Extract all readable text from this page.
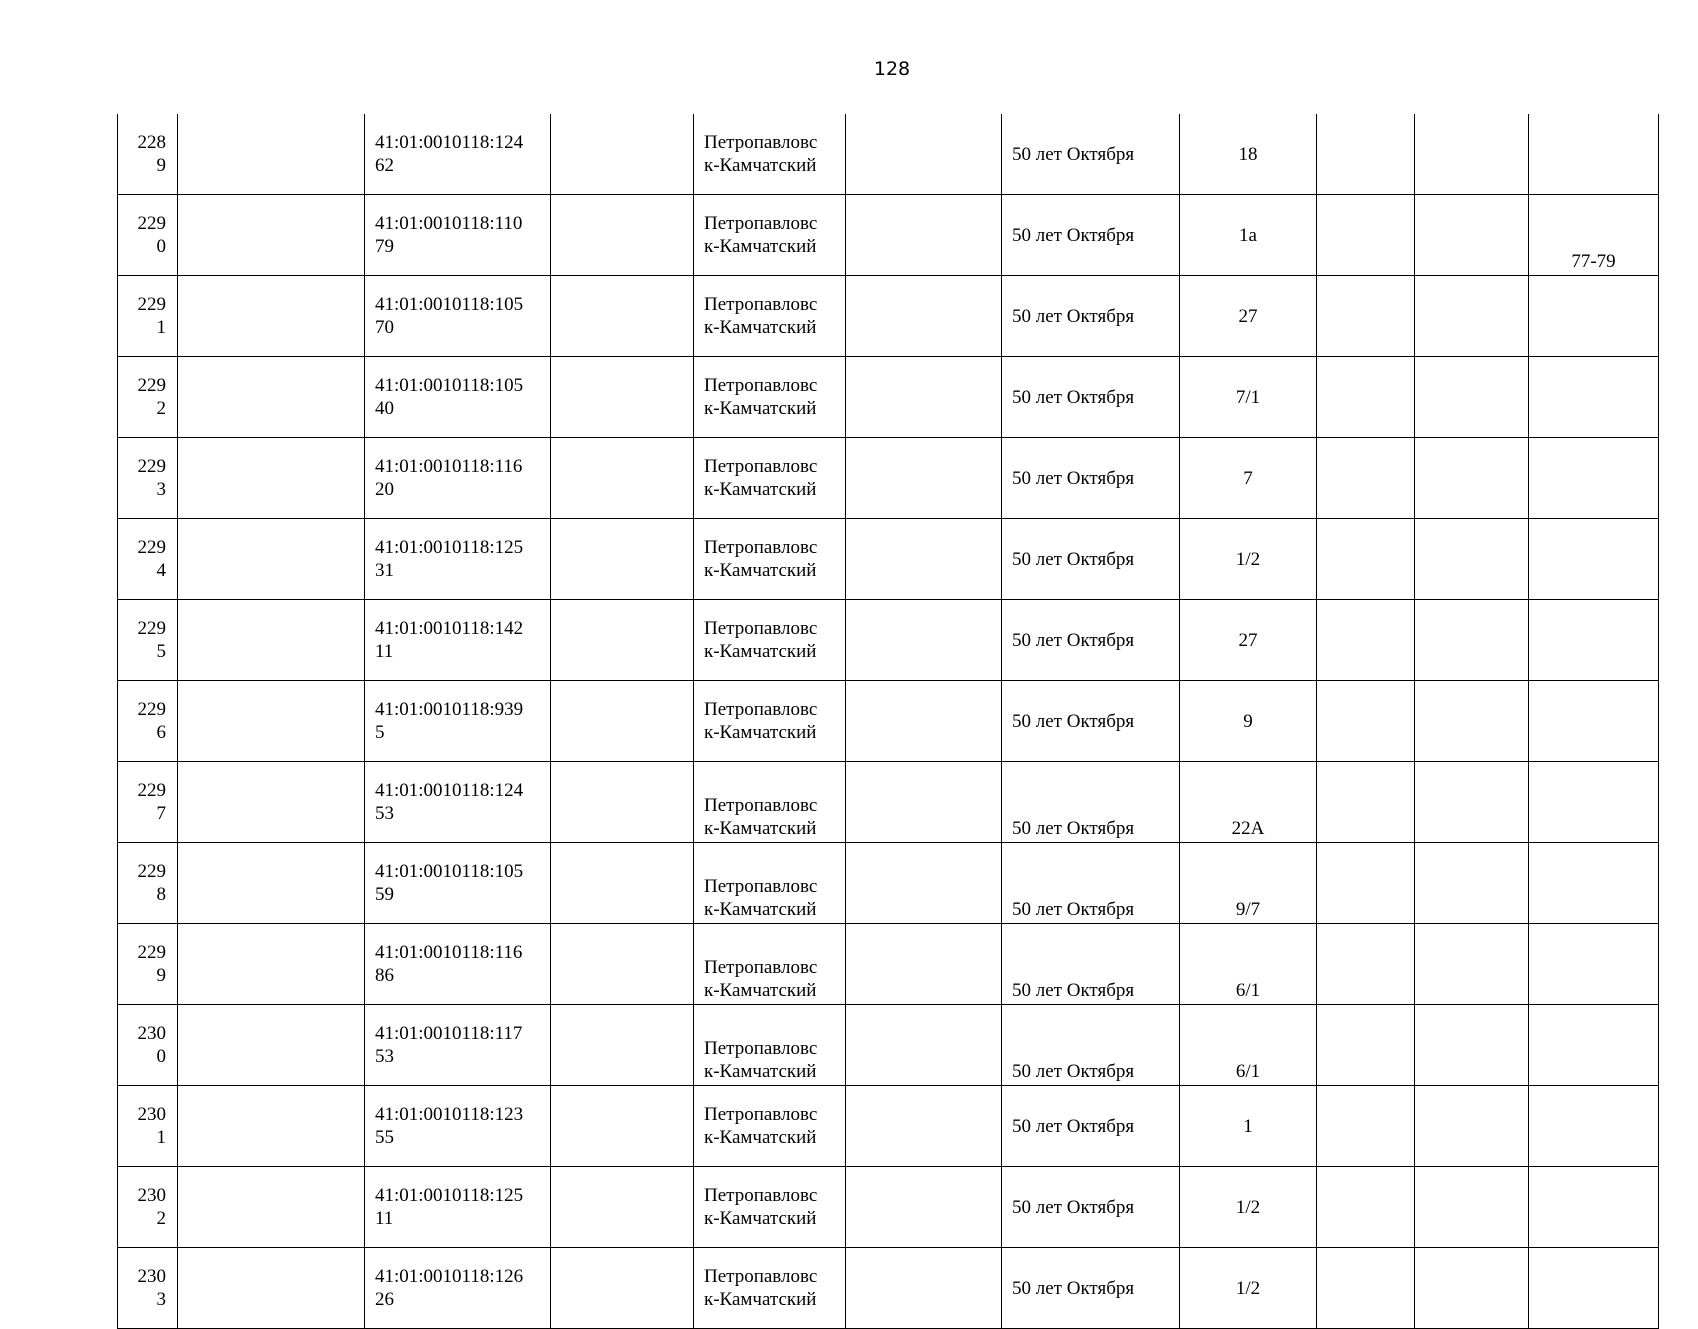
128
228
9		41:01:0010118:124
62		Петропавловс
к-Камчатский		50 лет Октября	18			

229
0		41:01:0010118:110
79		Петропавловс
к-Камчатский		50 лет Октября	1а			77-79

229
1		41:01:0010118:105
70		Петропавловс
к-Камчатский		50 лет Октября	27			

229
2		41:01:0010118:105
40		Петропавловс
к-Камчатский		50 лет Октября	7/1			

229
3		41:01:0010118:116
20		Петропавловс
к-Камчатский		50 лет Октября	7			

229
4		41:01:0010118:125
31		Петропавловс
к-Камчатский		50 лет Октября	1/2			

229
5		41:01:0010118:142
11		Петропавловс
к-Камчатский		50 лет Октября	27			

229
6		41:01:0010118:939
5		Петропавловс
к-Камчатский		50 лет Октября	9			

229
7		41:01:0010118:124
53		Петропавловс
к-Камчатский		50 лет Октября	22А			

229
8		41:01:0010118:105
59		Петропавловс
к-Камчатский		50 лет Октября	9/7			

229
9		41:01:0010118:116
86		Петропавловс
к-Камчатский		50 лет Октября	6/1			

230
0		41:01:0010118:117
53		Петропавловс
к-Камчатский		50 лет Октября	6/1			

230
1		41:01:0010118:123
55		Петропавловс
к-Камчатский		50 лет Октября	1			

230
2		41:01:0010118:125
11		Петропавловс
к-Камчатский		50 лет Октября	1/2			

230
3		41:01:0010118:126
26		Петропавловс
к-Камчатский		50 лет Октября	1/2			
